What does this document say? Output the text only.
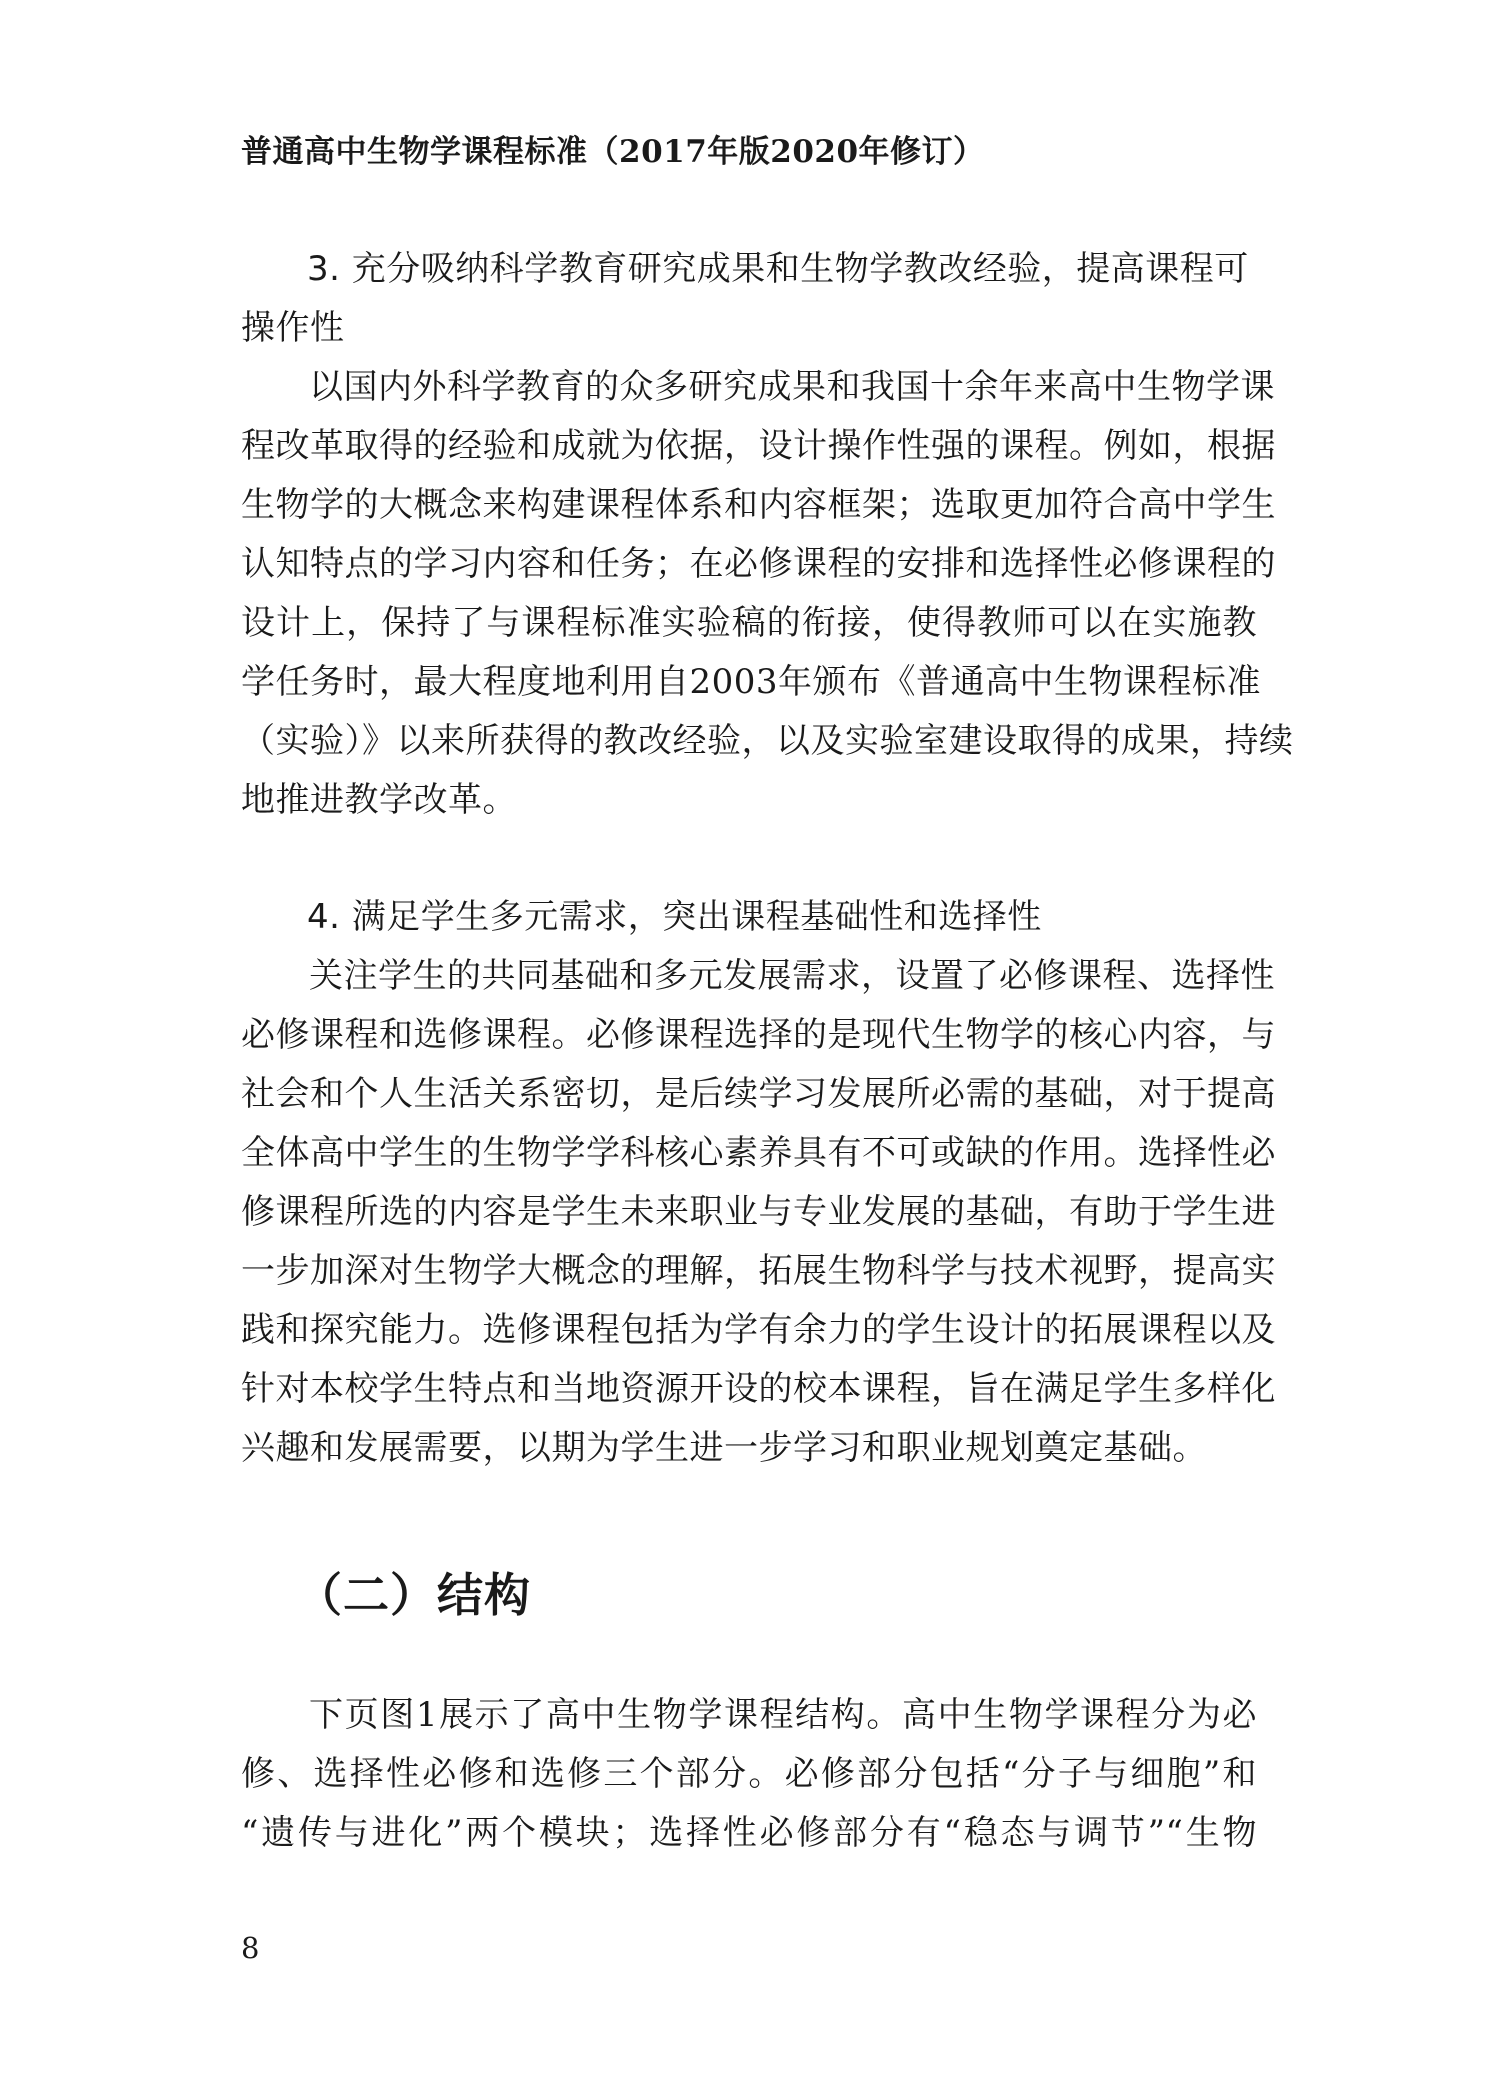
普通高中生物学课程标准（2017年版2020年修订）

3. 充分吸纳科学教育研究成果和生物学教改经验，提高课程可
操作性

以国内外科学教育的众多研究成果和我国十余年来高中生物学课
程改革取得的经验和成就为依据，设计操作性强的课程。例如，根据
生物学的大概念来构建课程体系和内容框架；选取更加符合高中学生
认知特点的学习内容和任务；在必修课程的安排和选择性必修课程的
设计上，保持了与课程标准实验稿的衔接，使得教师可以在实施教
学任务时，最大程度地利用自2003年颁布《普通高中生物课程标准
（实验）》以来所获得的教改经验，以及实验室建设取得的成果，持续
地推进教学改革。

4. 满足学生多元需求，突出课程基础性和选择性

关注学生的共同基础和多元发展需求，设置了必修课程、选择性
必修课程和选修课程。必修课程选择的是现代生物学的核心内容，与
社会和个人生活关系密切，是后续学习发展所必需的基础，对于提高
全体高中学生的生物学学科核心素养具有不可或缺的作用。选择性必
修课程所选的内容是学生未来职业与专业发展的基础，有助于学生进
一步加深对生物学大概念的理解，拓展生物科学与技术视野，提高实
践和探究能力。选修课程包括为学有余力的学生设计的拓展课程以及
针对本校学生特点和当地资源开设的校本课程，旨在满足学生多样化
兴趣和发展需要，以期为学生进一步学习和职业规划奠定基础。

（二）结构

下页图1展示了高中生物学课程结构。高中生物学课程分为必
修、选择性必修和选修三个部分。必修部分包括“分子与细胞”和
“遗传与进化”两个模块；选择性必修部分有“稳态与调节”“生物

8
